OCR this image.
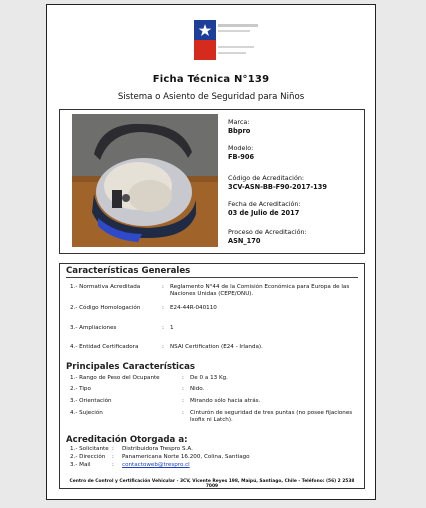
Ficha Técnica N°139
Sistema o Asiento de Seguridad para Niños
Marca:
Bbpro
Modelo:
FB-906
Código de Acreditación:
3CV-ASN-BB-F90-2017-139
Fecha de Acreditación:
03 de Julio de 2017
Proceso de Acreditación:
ASN_170
Características Generales
1.- Normativa Acreditada	: Reglamento N°44 de la Comisión Económica para Europa de las Naciones Unidas (CEPE/ONU).
2.- Código Homologación	: E24-44R-040110
3.- Ampliaciones	: 1
4.- Entidad Certificadora	: NSAI Certification (E24 - Irlanda).
Principales Características
1.- Rango de Peso del Ocupante	: De 0 a 13 Kg.
2.- Tipo	: Nido.
3.- Orientación	: Mirando sólo hacia atrás.
4.- Sujeción	: Cinturón de seguridad de tres puntas (no posee fijaciones Isofix ni Latch).
Acreditación Otorgada a:
1.- Solicitante : Distribuidora Trespro S.A.
2.- Dirección	: Panamericana Norte 16.200, Colina, Santiago
3.- Mail	: contactoweb@trespro.cl
Centro de Control y Certificación Vehicular - 3CV, Vicente Reyes 198, Maipú, Santiago, Chile - Teléfono: (56) 2 2538 7009
